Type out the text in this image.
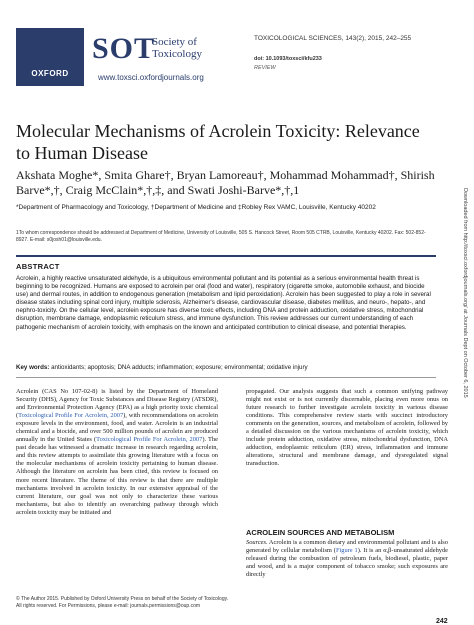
OXFORD
SOT
Society of Toxicology
www.toxsci.oxfordjournals.org
TOXICOLOGICAL SCIENCES, 143(2), 2015, 242–255
doi: 10.1093/toxsci/kfu233
REVIEW
Molecular Mechanisms of Acrolein Toxicity: Relevance to Human Disease
Akshata Moghe*, Smita Ghare†, Bryan Lamoreau†, Mohammad Mohammad†, Shirish Barve*,†, Craig McClain*,†,‡, and Swati Joshi-Barve*,†,1
*Department of Pharmacology and Toxicology, †Department of Medicine and ‡Robley Rex VAMC, Louisville, Kentucky 40202
1To whom correspondence should be addressed at Department of Medicine, University of Louisville, 505 S. Hancock Street, Room 505 CTRB, Louisville, Kentucky 40202. Fax: 502-852-8927. E-mail: s0josh01@louisville.edu.
ABSTRACT
Acrolein, a highly reactive unsaturated aldehyde, is a ubiquitous environmental pollutant and its potential as a serious environmental health threat is beginning to be recognized. Humans are exposed to acrolein per oral (food and water), respiratory (cigarette smoke, automobile exhaust, and biocide use) and dermal routes, in addition to endogenous generation (metabolism and lipid peroxidation). Acrolein has been suggested to play a role in several disease states including spinal cord injury, multiple sclerosis, Alzheimer's disease, cardiovascular disease, diabetes mellitus, and neuro-, hepato-, and nephro-toxicity. On the cellular level, acrolein exposure has diverse toxic effects, including DNA and protein adduction, oxidative stress, mitochondrial disruption, membrane damage, endoplasmic reticulum stress, and immune dysfunction. This review addresses our current understanding of each pathogenic mechanism of acrolein toxicity, with emphasis on the known and anticipated contribution to clinical disease, and potential therapies.
Key words: antioxidants; apoptosis; DNA adducts; inflammation; exposure; environmental; oxidative injury
Acrolein (CAS No 107-02-8) is listed by the Department of Homeland Security (DHS), Agency for Toxic Substances and Disease Registry (ATSDR), and Environmental Protection Agency (EPA) as a high priority toxic chemical (Toxicological Profile For Acrolein, 2007), with recommendations on acrolein exposure levels in the environment, food, and water. Acrolein is an industrial chemical and a biocide, and over 500 million pounds of acrolein are produced annually in the United States (Toxicological Profile For Acrolein, 2007). The past decade has witnessed a dramatic increase in research regarding acrolein, and this review attempts to assimilate this growing literature with a focus on the molecular mechanisms of acrolein toxicity pertaining to human disease. Although the literature on acrolein has been cited, this review is focused on more recent literature. The theme of this review is that there are multiple mechanisms involved in acrolein toxicity. In our extensive appraisal of the current literature, our goal was not only to characterize these various mechanisms, but also to identify an overarching pathway through which acrolein toxicity may be initiated and
propagated. Our analysis suggests that such a common unifying pathway might not exist or is not currently discernable, placing even more onus on future research to further investigate acrolein toxicity in various disease conditions. This comprehensive review starts with succinct introductory comments on the generation, sources, and metabolism of acrolein, followed by a detailed discussion on the various mechanisms of acrolein toxicity, which include protein adduction, oxidative stress, mitochondrial dysfunction, DNA adduction, endoplasmic reticulum (ER) stress, inflammation and immune alterations, structural and membrane damage, and dysregulated signal transduction.
ACROLEIN SOURCES AND METABOLISM
Sources. Acrolein is a common dietary and environmental pollutant and is also generated by cellular metabolism (Figure 1). It is an α,β-unsaturated aldehyde released during the combustion of petroleum fuels, biodiesel, plastic, paper and wood, and is a major component of tobacco smoke; such exposures are directly
© The Author 2015. Published by Oxford University Press on behalf of the Society of Toxicology.
All rights reserved. For Permissions, please e-mail: journals.permissions@oup.com
242
Downloaded from http://toxsci.oxfordjournals.org/ at Journals Dept on October 6, 2015
